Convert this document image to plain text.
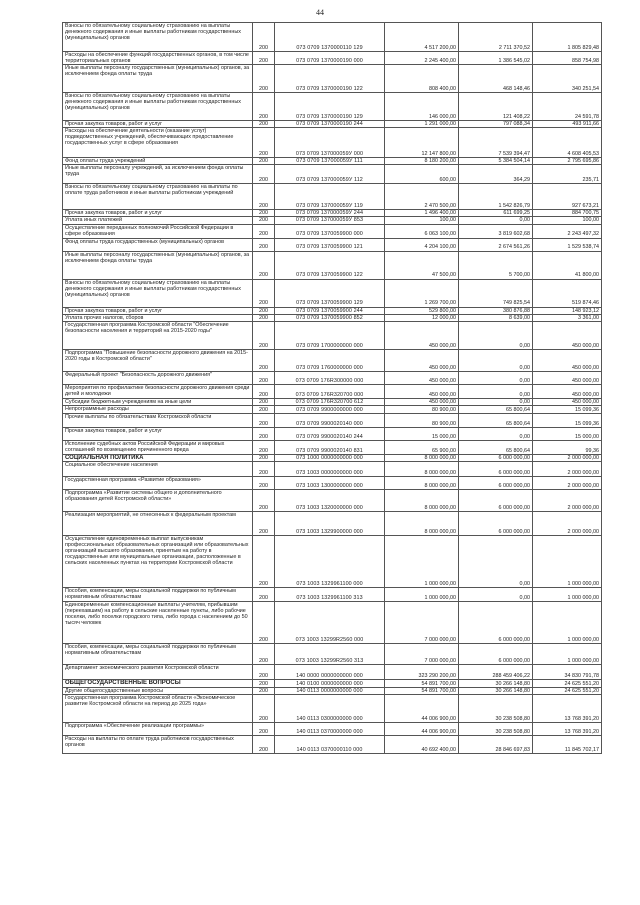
44
Взносы по обязательному социальному страхованию на выплаты денежного содержания и иные выплаты работникам государственных (муниципальных) органов	200	073 0709 1370000110 129	4 517 200,00	2 711 370,52	1 805 829,48
Расходы на обеспечение функций государственных органов, в том числе территориальных органов	200	073 0709 1370000190 000	2 245 400,00	1 386 545,02	858 754,98
Иные выплаты персоналу государственных (муниципальных) органов, за исключением фонда оплаты труда	200	073 0709 1370000190 122	808 400,00	468 148,46	340 251,54
Взносы по обязательному социальному страхованию на выплаты денежного содержания и иные выплаты работникам государственных (муниципальных) органов	200	073 0709 1370000190 129	146 000,00	121 408,22	24 591,78
Прочая закупка товаров, работ и услуг	200	073 0709 1370000190 244	1 291 000,00	797 088,34	493 911,66
Расходы на обеспечение деятельности (оказание услуг) подведомственных учреждений, обеспечивающих предоставление государственных услуг в сфере образования	200	073 0709 137000059У 000	12 147 800,00	7 539 394,47	4 608 405,53
Фонд оплаты труда учреждений	200	073 0709 137000059У 111	8 180 200,00	5 384 504,14	2 795 695,86
Иные выплаты персоналу учреждений, за исключением фонда оплаты труда	200	073 0709 137000059У 112	600,00	364,29	235,71
Взносы по обязательному социальному страхованию на выплаты по оплате труда работников и иные выплаты работникам учреждений	200	073 0709 137000059У 119	2 470 500,00	1 542 826,79	927 673,21
Прочая закупка товаров, работ и услуг	200	073 0709 137000059У 244	1 496 400,00	611 699,25	884 700,75
Уплата иных платежей	200	073 0709 137000059У 853	100,00	0,00	100,00
Осуществление переданных полномочий Российской Федерации в сфере образования	200	073 0709 1370059900 000	6 063 100,00	3 819 602,68	2 243 497,32
Фонд оплаты труда государственных (муниципальных) органов	200	073 0709 1370059900 121	4 204 100,00	2 674 561,26	1 529 538,74
Иные выплаты персоналу государственных (муниципальных) органов, за исключением фонда оплаты труда	200	073 0709 1370059900 122	47 500,00	5 700,00	41 800,00
Взносы по обязательному социальному страхованию на выплаты денежного содержания и иные выплаты работникам государственных (муниципальных) органов	200	073 0709 1370059900 129	1 269 700,00	749 825,54	519 874,46
Прочая закупка товаров, работ и услуг	200	073 0709 1370059900 244	529 800,00	380 876,88	148 923,12
Уплата прочих налогов, сборов	200	073 0709 1370059900 852	12 000,00	8 639,00	3 361,00
Государственная программа Костромской области "Обеспечение безопасности населения и территорий на 2015-2020 годы"	200	073 0709 1700000000 000	450 000,00	0,00	450 000,00
Подпрограмма "Повышение безопасности дорожного движения на 2015-2020 годы в Костромской области"	200	073 0709 1760000000 000	450 000,00	0,00	450 000,00
Федеральный проект "Безопасность дорожного движения"	200	073 0709 176R300000 000	450 000,00	0,00	450 000,00
Мероприятия по профилактике безопасности дорожного движения среди детей и молодежи	200	073 0709 176R320700 000	450 000,00	0,00	450 000,00
Субсидии бюджетным учреждениям на иные цели	200	073 0709 176R320700 612	450 000,00	0,00	450 000,00
Непрограммные расходы	200	073 0709 9900000000 000	80 900,00	65 800,64	15 099,36
Прочие выплаты по обязательствам Костромской области	200	073 0709 9900020140 000	80 900,00	65 800,64	15 099,36
Прочая закупка товаров, работ и услуг	200	073 0709 9900020140 244	15 000,00	0,00	15 000,00
Исполнение судебных актов Российской Федерации и мировых соглашений по возмещению причиненного вреда	200	073 0709 9900020140 831	65 900,00	65 800,64	99,36
СОЦИАЛЬНАЯ ПОЛИТИКА	200	073 1000 0000000000 000	8 000 000,00	6 000 000,00	2 000 000,00
Социальное обеспечение населения	200	073 1003 0000000000 000	8 000 000,00	6 000 000,00	2 000 000,00
Государственная программа «Развитие образования»	200	073 1003 1300000000 000	8 000 000,00	6 000 000,00	2 000 000,00
Подпрограмма «Развитие системы общего и дополнительного образования детей Костромской области»	200	073 1003 1320000000 000	8 000 000,00	6 000 000,00	2 000 000,00
Реализация мероприятий, не отнесенных к федеральным проектам	200	073 1003 1329900000 000	8 000 000,00	6 000 000,00	2 000 000,00
Осуществление единовременных выплат выпускникам профессиональных образовательных организаций или образовательных организаций высшего образования, принятым на работу в государственные или муниципальные организации, расположенные в сельских населенных пунктах на территории Костромской области	200	073 1003 1329961100 000	1 000 000,00	0,00	1 000 000,00
Пособия, компенсации, меры социальной поддержки по публичным нормативным обязательствам	200	073 1003 1329961100 313	1 000 000,00	0,00	1 000 000,00
Единовременные компенсационные выплаты учителям, прибывшим (переехавшим) на работу в сельские населенные пункты, либо рабочие поселки, либо поселки городского типа, либо города с населением до 50 тысяч человек	200	073 1003 13299R2560 000	7 000 000,00	6 000 000,00	1 000 000,00
Пособия, компенсации, меры социальной поддержки по публичным нормативным обязательствам	200	073 1003 13299R2560 313	7 000 000,00	6 000 000,00	1 000 000,00
Департамент экономического развития Костромской области	200	140 0000 0000000000 000	323 290 200,00	288 459 406,22	34 830 791,78
ОБЩЕГОСУДАРСТВЕННЫЕ ВОПРОСЫ	200	140 0100 0000000000 000	54 891 700,00	30 266 148,80	24 625 551,20
Другие общегосударственные вопросы	200	140 0113 0000000000 000	54 891 700,00	30 266 148,80	24 625 551,20
Государственная программа Костромской области «Экономическое развитие Костромской области на период до 2025 года»	200	140 0113 0300000000 000	44 006 900,00	30 238 508,80	13 768 391,20
Подпрограмма «Обеспечение реализации программы»	200	140 0113 0370000000 000	44 006 900,00	30 238 508,80	13 768 391,20
Расходы на выплаты по оплате труда работников государственных органов	200	140 0113 0370000110 000	40 692 400,00	28 846 697,83	11 845 702,17
